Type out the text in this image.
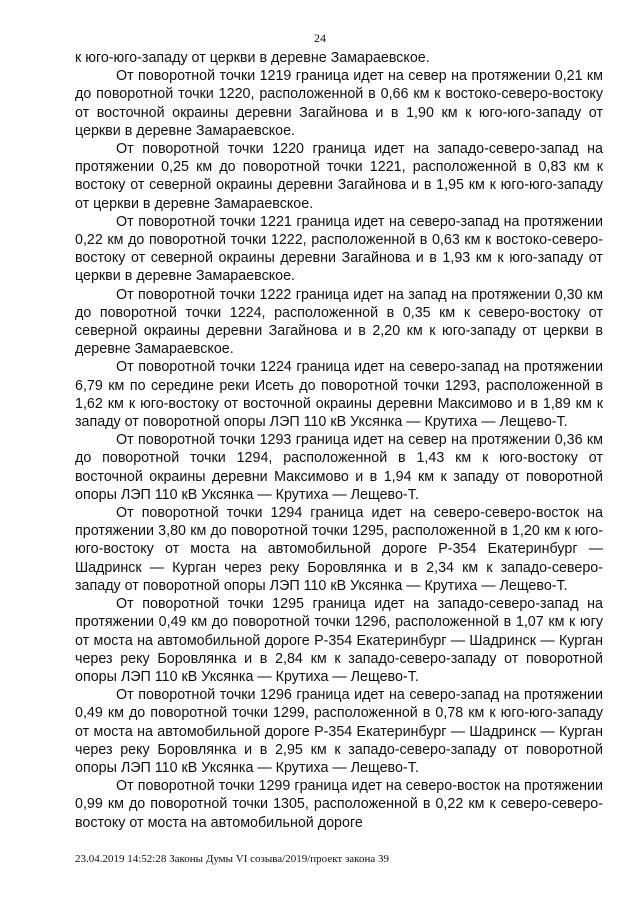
24

к юго-юго-западу от церкви в деревне Замараевское.

От поворотной точки 1219 граница идет на север на протяжении 0,21 км до поворотной точки 1220, расположенной в 0,66 км к востоко-северо-востоку от восточной окраины деревни Загайнова и в 1,90 км к юго-юго-западу от церкви в деревне Замараевское.

От поворотной точки 1220 граница идет на западо-северо-запад на протяжении 0,25 км до поворотной точки 1221, расположенной в 0,83 км к востоку от северной окраины деревни Загайнова и в 1,95 км к юго-юго-западу от церкви в деревне Замараевское.

От поворотной точки 1221 граница идет на северо-запад на протяжении 0,22 км до поворотной точки 1222, расположенной в 0,63 км к востоко-северо-востоку от северной окраины деревни Загайнова и в 1,93 км к юго-западу от церкви в деревне Замараевское.

От поворотной точки 1222 граница идет на запад на протяжении 0,30 км до поворотной точки 1224, расположенной в 0,35 км к северо-востоку от северной окраины деревни Загайнова и в 2,20 км к юго-западу от церкви в деревне Замараевское.

От поворотной точки 1224 граница идет на северо-запад на протяжении 6,79 км по середине реки Исеть до поворотной точки 1293, расположенной в 1,62 км к юго-востоку от восточной окраины деревни Максимово и в 1,89 км к западу от поворотной опоры ЛЭП 110 кВ Уксянка — Крутиха — Лещево-Т.

От поворотной точки 1293 граница идет на север на протяжении 0,36 км до поворотной точки 1294, расположенной в 1,43 км к юго-востоку от восточной окраины деревни Максимово и в 1,94 км к западу от поворотной опоры ЛЭП 110 кВ Уксянка — Крутиха — Лещево-Т.

От поворотной точки 1294 граница идет на северо-северо-восток на протяжении 3,80 км до поворотной точки 1295, расположенной в 1,20 км к юго-юго-востоку от моста на автомобильной дороге Р-354 Екатеринбург — Шадринск — Курган через реку Боровлянка и в 2,34 км к западо-северо-западу от поворотной опоры ЛЭП 110 кВ Уксянка — Крутиха — Лещево-Т.

От поворотной точки 1295 граница идет на западо-северо-запад на протяжении 0,49 км до поворотной точки 1296, расположенной в 1,07 км к югу от моста на автомобильной дороге Р-354 Екатеринбург — Шадринск — Курган через реку Боровлянка и в 2,84 км к западо-северо-западу от поворотной опоры ЛЭП 110 кВ Уксянка — Крутиха — Лещево-Т.

От поворотной точки 1296 граница идет на северо-запад на протяжении 0,49 км до поворотной точки 1299, расположенной в 0,78 км к юго-юго-западу от моста на автомобильной дороге Р-354 Екатеринбург — Шадринск — Курган через реку Боровлянка и в 2,95 км к западо-северо-западу от поворотной опоры ЛЭП 110 кВ Уксянка — Крутиха — Лещево-Т.

От поворотной точки 1299 граница идет на северо-восток на протяжении 0,99 км до поворотной точки 1305, расположенной в 0,22 км к северо-северо-востоку от моста на автомобильной дороге

23.04.2019 14:52:28 Законы Думы VI созыва/2019/проект закона 39
